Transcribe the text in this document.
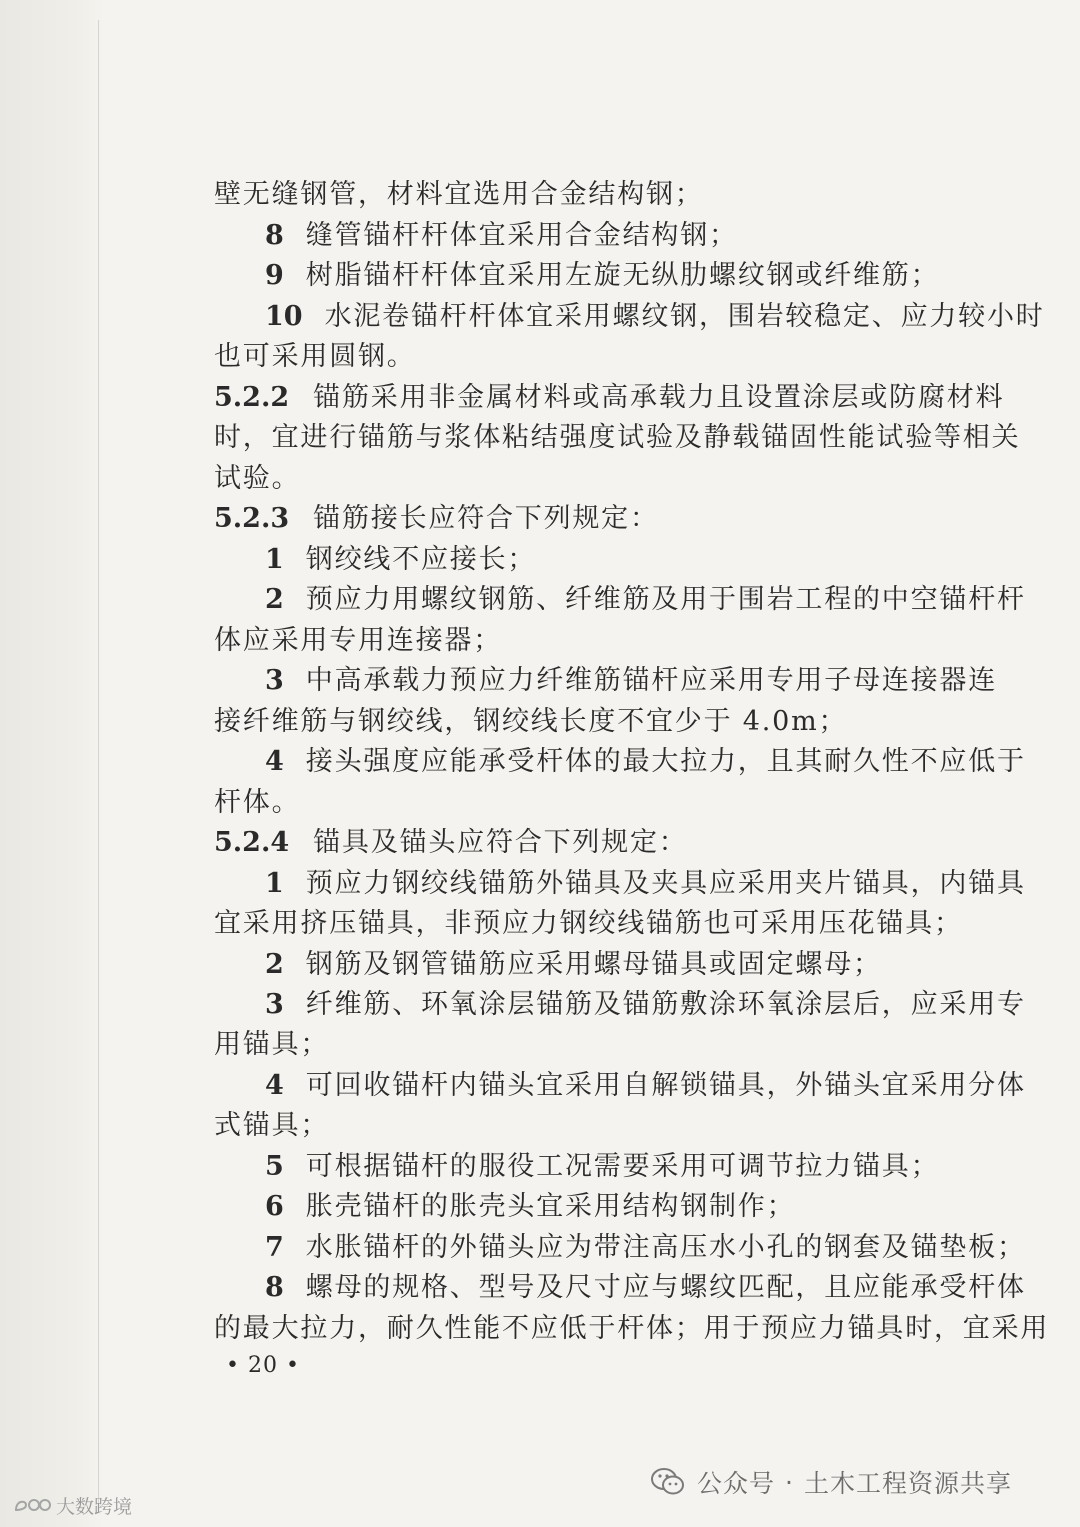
壁无缝钢管，材料宜选用合金结构钢；
8 缝管锚杆杆体宜采用合金结构钢；
9 树脂锚杆杆体宜采用左旋无纵肋螺纹钢或纤维筋；
10 水泥卷锚杆杆体宜采用螺纹钢，围岩较稳定、应力较小时
也可采用圆钢。
5.2.2 锚筋采用非金属材料或高承载力且设置涂层或防腐材料
时，宜进行锚筋与浆体粘结强度试验及静载锚固性能试验等相关
试验。
5.2.3 锚筋接长应符合下列规定：
1 钢绞线不应接长；
2 预应力用螺纹钢筋、纤维筋及用于围岩工程的中空锚杆杆
体应采用专用连接器；
3 中高承载力预应力纤维筋锚杆应采用专用子母连接器连
接纤维筋与钢绞线，钢绞线长度不宜少于 4.0m；
4 接头强度应能承受杆体的最大拉力，且其耐久性不应低于
杆体。
5.2.4 锚具及锚头应符合下列规定：
1 预应力钢绞线锚筋外锚具及夹具应采用夹片锚具，内锚具
宜采用挤压锚具，非预应力钢绞线锚筋也可采用压花锚具；
2 钢筋及钢管锚筋应采用螺母锚具或固定螺母；
3 纤维筋、环氧涂层锚筋及锚筋敷涂环氧涂层后，应采用专
用锚具；
4 可回收锚杆内锚头宜采用自解锁锚具，外锚头宜采用分体
式锚具；
5 可根据锚杆的服役工况需要采用可调节拉力锚具；
6 胀壳锚杆的胀壳头宜采用结构钢制作；
7 水胀锚杆的外锚头应为带注高压水小孔的钢套及锚垫板；
8 螺母的规格、型号及尺寸应与螺纹匹配，且应能承受杆体
的最大拉力，耐久性能不应低于杆体；用于预应力锚具时，宜采用
• 20 •
公众号 · 土木工程资源共享
大数跨境
